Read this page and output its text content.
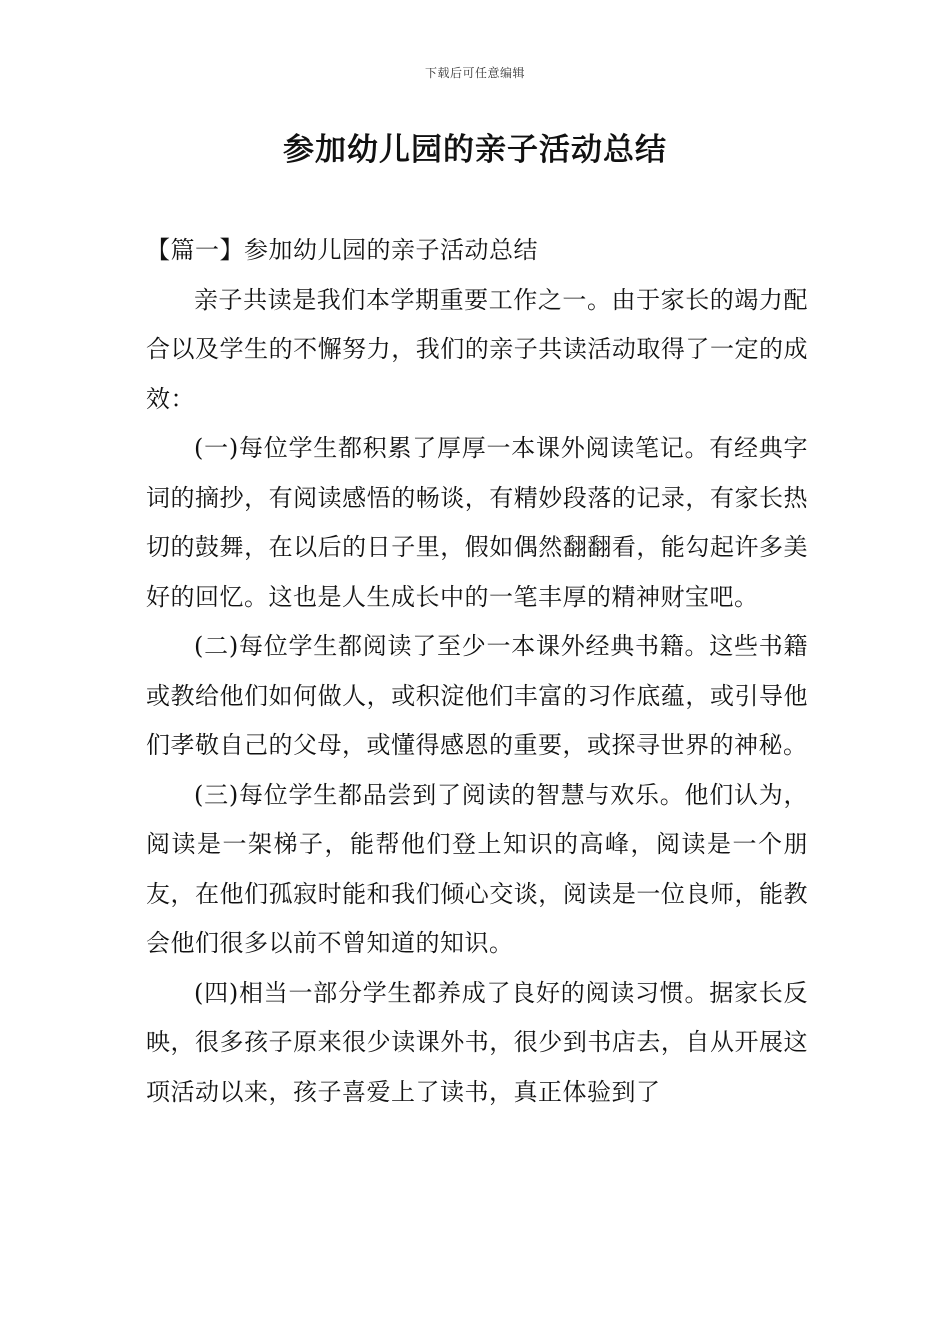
下载后可任意编辑
参加幼儿园的亲子活动总结

【篇一】参加幼儿园的亲子活动总结

亲子共读是我们本学期重要工作之一。由于家长的竭力配合以及学生的不懈努力，我们的亲子共读活动取得了一定的成效：

(一)每位学生都积累了厚厚一本课外阅读笔记。有经典字词的摘抄，有阅读感悟的畅谈，有精妙段落的记录，有家长热切的鼓舞，在以后的日子里，假如偶然翻翻看，能勾起许多美好的回忆。这也是人生成长中的一笔丰厚的精神财宝吧。

(二)每位学生都阅读了至少一本课外经典书籍。这些书籍或教给他们如何做人，或积淀他们丰富的习作底蕴，或引导他们孝敬自己的父母，或懂得感恩的重要，或探寻世界的神秘。

(三)每位学生都品尝到了阅读的智慧与欢乐。他们认为，阅读是一架梯子，能帮他们登上知识的高峰，阅读是一个朋友，在他们孤寂时能和我们倾心交谈，阅读是一位良师，能教会他们很多以前不曾知道的知识。

(四)相当一部分学生都养成了良好的阅读习惯。据家长反映，很多孩子原来很少读课外书，很少到书店去，自从开展这项活动以来，孩子喜爱上了读书，真正体验到了
